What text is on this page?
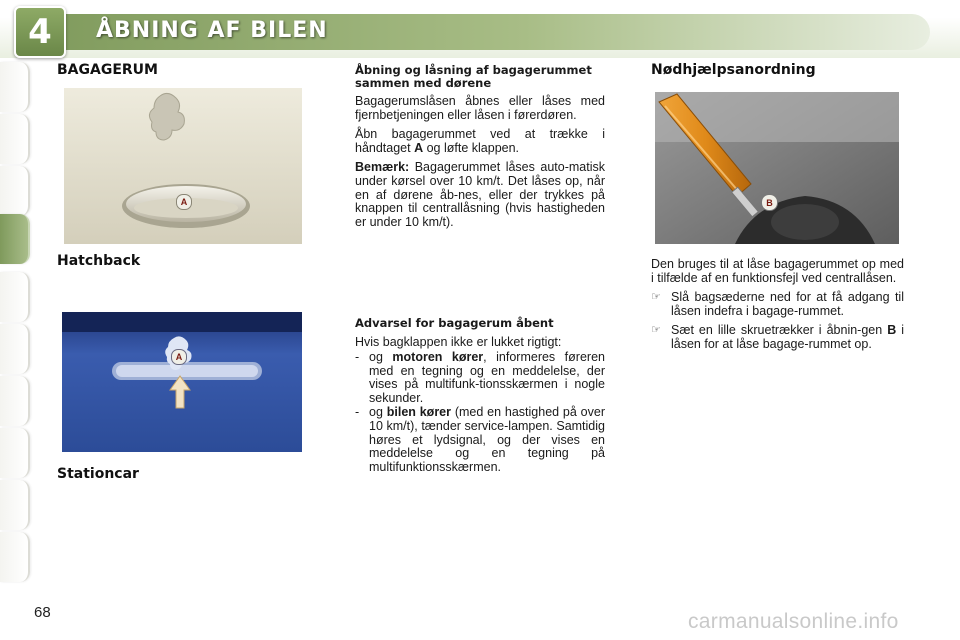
4	ÅBNING AF BILEN
BAGAGERUM
A
Hatchback
A
Stationcar
Åbning og låsning af bagagerummet sammen med dørene

Bagagerumslåsen åbnes eller låses med fjernbetjeningen eller låsen i førerdøren.

Åbn bagagerummet ved at trække i håndtaget A og løfte klappen.

Bemærk: Bagagerummet låses auto-matisk under kørsel over 10 km/t. Det låses op, når en af dørene åb-nes, eller der trykkes på knappen til centrallåsning (hvis hastigheden er under 10 km/t).

Advarsel for bagagerum åbent

Hvis bagklappen ikke er lukket rigtigt:

- og motoren kører, informeres føreren med en tegning og en meddelelse, der vises på multifunk-tionsskærmen i nogle sekunder.
- og bilen kører (med en hastighed på over 10 km/t), tænder service-lampen. Samtidig høres et lydsignal, og der vises en meddelelse og en tegning på multifunktionsskærmen.
Nødhjælpsanordning
B

Den bruges til at låse bagagerummet op med i tilfælde af en funktionsfejl ved centrallåsen.

☞ Slå bagsæderne ned for at få adgang til låsen indefra i bagage-rummet.
☞ Sæt en lille skruetrækker i åbnin-gen B i låsen for at låse bagage-rummet op.
68	carmanualsonline.info
